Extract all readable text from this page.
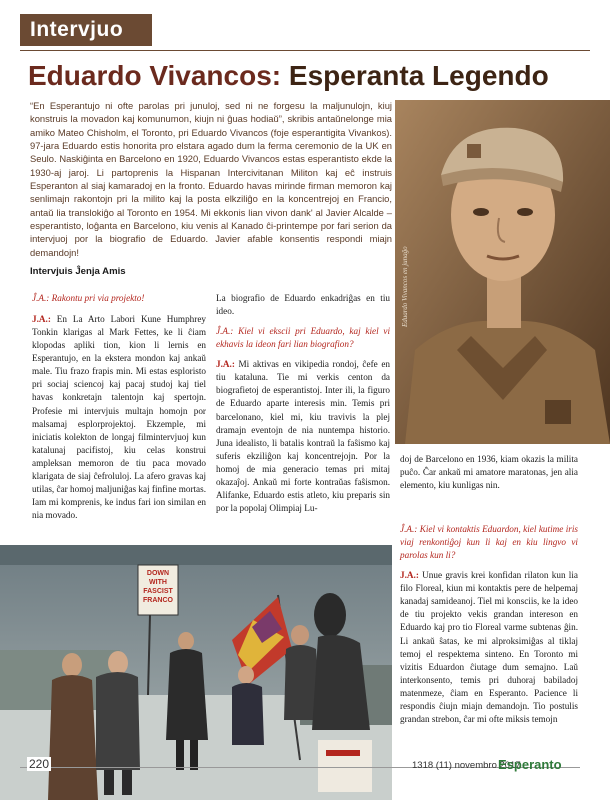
Intervjuo
Eduardo Vivancos: Esperanta Legendo

“En Esperantujo ni ofte parolas pri junuloj, sed ni ne forgesu la maljunulojn, kiuj konstruis la movadon kaj komunumon, kiujn ni ĝuas hodiaŭ”, skribis antaŭnelonge mia amiko Mateo Chisholm, el Toronto, pri Eduardo Vivancos (foje esperantigita Vivankos). 97-jara Eduardo estis honorita pro elstara agado dum la ferma ceremonio de la UK en Seulo. Naskiĝinta en Barcelono en 1920, Eduardo Vivancos estas esperantisto ekde la 1930-aj jaroj. Li partoprenis la Hispanan Intercivitanan Militon kaj eĉ instruis Esperanton al siaj kamaradoj en la fronto. Eduardo havas mirinde firman memoron kaj senlimajn rakontojn pri la milito kaj la posta elkziliĝo en la koncentrejoj en Francio, antaŭ lia translokiĝo al Toronto en 1954. Mi ekkonis lian vivon dank' al Javier Alcalde – esperantisto, loĝanta en Barcelono, kiu venis al Kanado ĉi-printempe por fari serion da intervjuoj por la biografio de Eduardo. Javier afable konsentis respondi miajn demandojn!

Intervjuis Ĵenja Amis	Eduardo Vivancos en junaĝo

Ĵ.A.: Rakontu pri via projekto!

J.A.: En La Arto Labori Kune Humphrey Tonkin klarigas al Mark Fettes, ke li ĉiam klopodas apliki tion, kion li lernis en Esperantujo, en la ekstera mondon kaj ankaŭ male. Tiu frazo frapis min. Mi estas esploristo pri sociaj sciencoj kaj pacaj studoj kaj tiel havas konkretajn talentojn kaj spertojn. Profesie mi intervjuis multajn homojn por malsamaj esplorprojektoj. Ekzemple, mi iniciatis kolekton de longaj filmintervjuoj kun katalunaj pacifistoj, kiu celas konstrui ampleksan memoron de tiu paca movado klarigata de siaj ĉefroluloj. La afero gravas kaj utilas, ĉar homoj maljuniĝas kaj finfine mortas. Iam mi komprenis, ke indus fari ion similan en nia movado.

La biografio de Eduardo enkadriĝas en tiu ideo.

Ĵ.A.: Kiel vi ekscii pri Eduardo, kaj kiel vi ekhavis la ideon fari lian biografion?

J.A.: Mi aktivas en vikipedia rondoj, ĉefe en tiu katalunа. Tie mi verkis centon da biografietoj de esperantistoj. Inter ili, la figuro de Eduardo aparte interesis min. Temis pri barcelonano, kiel mi, kiu travivis la plej dramajn eventojn de nia nuntempa historio. Juna idealisto, li batalis kontraŭ la faŝismo kaj suferis ekziliĝon kaj koncentrejojn. Por la homoj de mia generacio temas pri mitaj okazaĵoj. Ankaŭ mi forte kontraŭas faŝismon. Alifanke, Eduardo estis atleto, kiu preparis sin por la popolaj Olimpiaj Lu-

doj de Barcelono en 1936, kiam okazis la milita puĉo. Ĉar ankaŭ mi amatore maratonas, jen alia elemento, kiu kunligas nin.

Ĵ.A.: Kiel vi kontaktis Eduardon, kiel kutime iris viaj renkontiĝoj kun li kaj en kiu lingvo vi parolas kun li?

J.A.: Unue gravis krei konfidan rilaton kun lia filo Floreal, kiun mi kontaktis pere de helpemaj kanadaj samideanoj. Tiel mi konsciis, ke la ideo de tiu projekto vekis grandan intereson en Eduardo kaj pro tio Floreal varme subtenas ĝin. Li ankaŭ ŝatas, ke mi alproksimiĝas al tiklaj temoj el respektema sinteno. En Toronto mi vizitis Eduardon ĉiutage dum semajno. Laŭ interkonsento, temis pri duhoraj babiladoj matenmeze, ĉiam en Esperanto. Pacience li respondis ĉiujn miajn demandojn. Tio postulis grandan strebon, ĉar mi ofte miksis temojn

DOWN WITH FASCIST FRANCO
220	1318 (11) novembro 2017
Esperanto
